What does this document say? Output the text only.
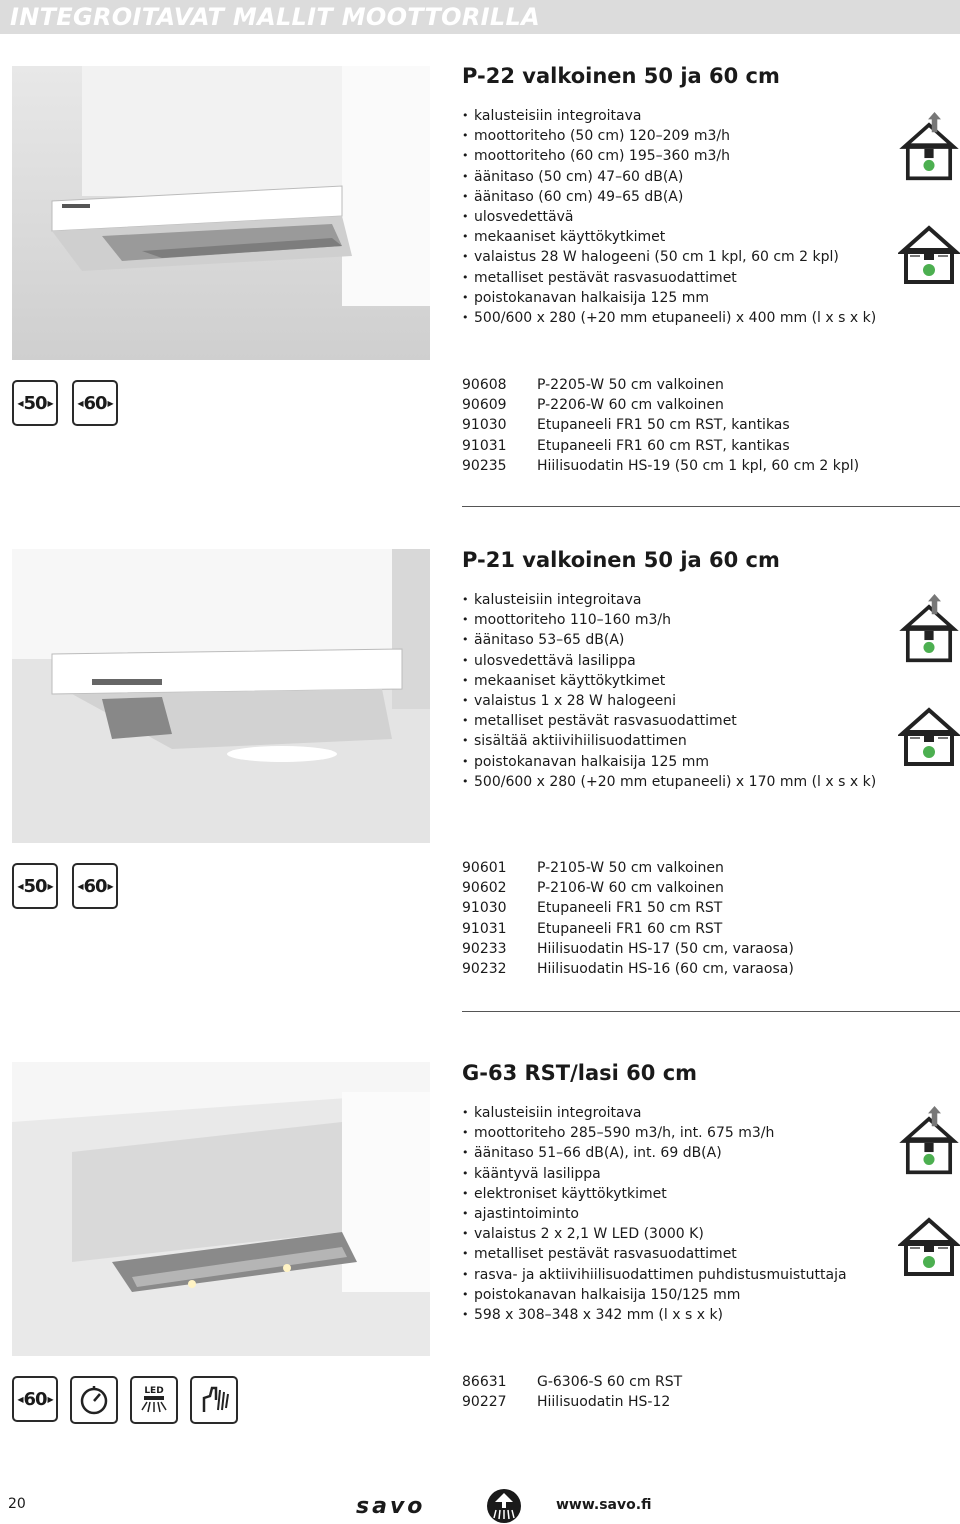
INTEGROITAVAT MALLIT MOOTTORILLA
P-22 valkoinen 50 ja 60 cm
• kalusteisiin integroitava
• moottoriteho (50 cm) 120–209 m3/h
• moottoriteho (60 cm) 195–360 m3/h
• äänitaso (50 cm) 47–60 dB(A)
• äänitaso (60 cm) 49–65 dB(A)
• ulosvedettävä
• mekaaniset käyttökytkimet
• valaistus 28 W halogeeni (50 cm 1 kpl, 60 cm 2 kpl)
• metalliset pestävät rasvasuodattimet
• poistokanavan halkaisija 125 mm
• 500/600 x 280 (+20 mm etupaneeli) x 400 mm (l x s x k)
◀ 50 ▶	◀ 60 ▶
90608	P-2205-W 50 cm valkoinen
90609	P-2206-W 60 cm valkoinen
91030	Etupaneeli FR1 50 cm RST, kantikas
91031	Etupaneeli FR1 60 cm RST, kantikas
90235	Hiilisuodatin HS-19 (50 cm 1 kpl, 60 cm 2 kpl)
P-21 valkoinen 50 ja 60 cm
• kalusteisiin integroitava
• moottoriteho 110–160 m3/h
• äänitaso 53–65 dB(A)
• ulosvedettävä lasilippa
• mekaaniset käyttökytkimet
• valaistus 1 x 28 W halogeeni
• metalliset pestävät rasvasuodattimet
• sisältää aktiivihiilisuodattimen
• poistokanavan halkaisija 125 mm
• 500/600 x 280 (+20 mm etupaneeli) x 170 mm (l x s x k)
◀ 50 ▶	◀ 60 ▶
90601	P-2105-W 50 cm valkoinen
90602	P-2106-W 60 cm valkoinen
91030	Etupaneeli FR1 50 cm RST
91031	Etupaneeli FR1 60 cm RST
90233	Hiilisuodatin HS-17 (50 cm, varaosa)
90232	Hiilisuodatin HS-16 (60 cm, varaosa)
G-63 RST/lasi 60 cm
• kalusteisiin integroitava
• moottoriteho 285–590 m3/h, int. 675 m3/h
• äänitaso 51–66 dB(A), int. 69 dB(A)
• kääntyvä lasilippa
• elektroniset käyttökytkimet
• ajastintoiminto
• valaistus 2 x 2,1 W LED (3000 K)
• metalliset pestävät rasvasuodattimet
• rasva- ja aktiivihiilisuodattimen puhdistusmuistuttaja
• poistokanavan halkaisija 150/125 mm
• 598 x 308–348 x 342 mm (l x s x k)
◀ 60 ▶
LED
86631	G-6306-S 60 cm RST
90227	Hiilisuodatin HS-12
20	savo	www.savo.fi
